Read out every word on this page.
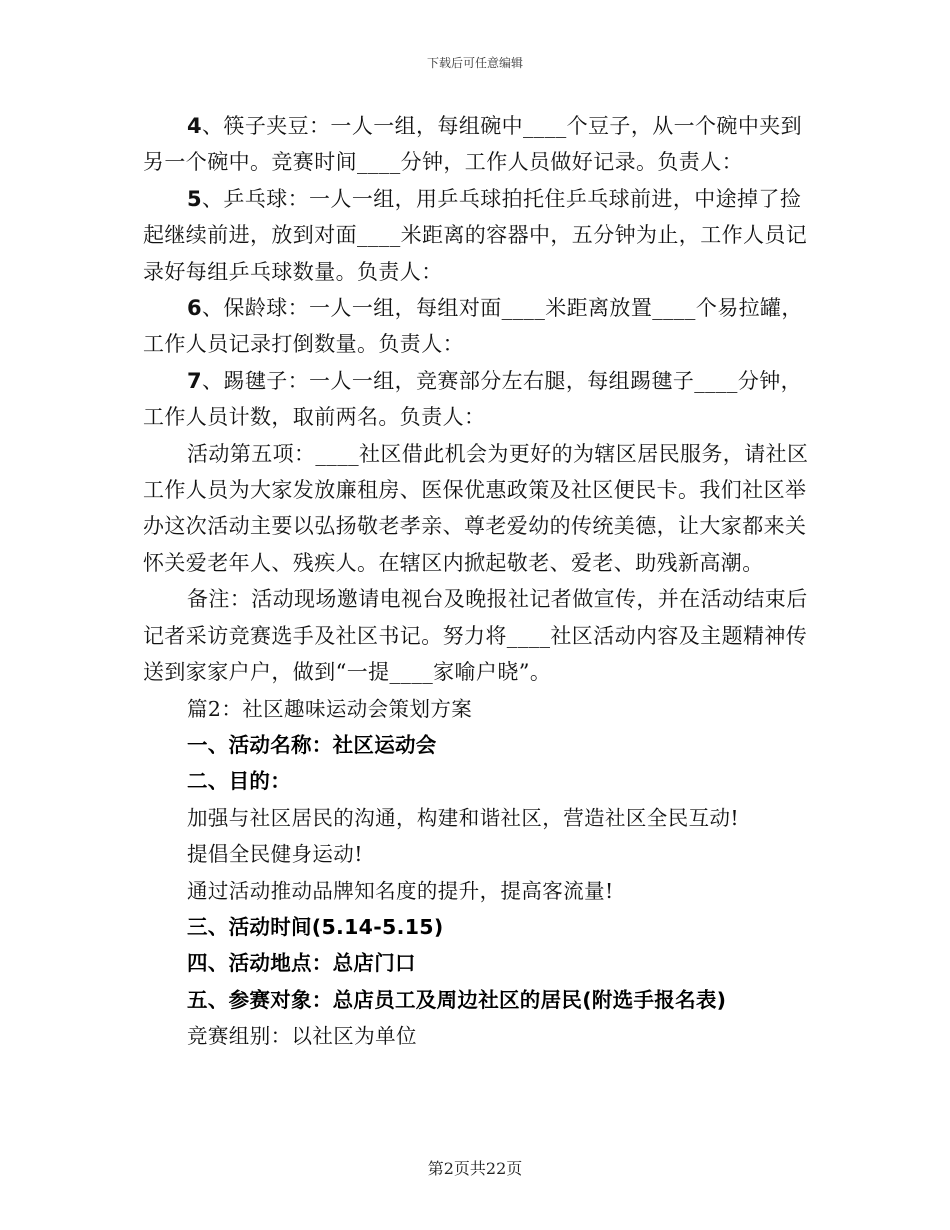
下载后可任意编辑

4、筷子夹豆：一人一组，每组碗中____个豆子，从一个碗中夹到另一个碗中。竞赛时间____分钟，工作人员做好记录。负责人：

5、乒乓球：一人一组，用乒乓球拍托住乒乓球前进，中途掉了捡起继续前进，放到对面____米距离的容器中，五分钟为止，工作人员记录好每组乒乓球数量。负责人：

6、保龄球：一人一组，每组对面____米距离放置____个易拉罐，工作人员记录打倒数量。负责人：

7、踢毽子：一人一组，竞赛部分左右腿，每组踢毽子____分钟，工作人员计数，取前两名。负责人：

活动第五项：____社区借此机会为更好的为辖区居民服务，请社区工作人员为大家发放廉租房、医保优惠政策及社区便民卡。我们社区举办这次活动主要以弘扬敬老孝亲、尊老爱幼的传统美德，让大家都来关怀关爱老年人、残疾人。在辖区内掀起敬老、爱老、助残新高潮。

备注：活动现场邀请电视台及晚报社记者做宣传，并在活动结束后记者采访竞赛选手及社区书记。努力将____社区活动内容及主题精神传送到家家户户，做到“一提____家喻户晓”。

篇2：社区趣味运动会策划方案

一、活动名称：社区运动会

二、目的：

加强与社区居民的沟通，构建和谐社区，营造社区全民互动!

提倡全民健身运动!

通过活动推动品牌知名度的提升，提高客流量!

三、活动时间(5.14-5.15)

四、活动地点：总店门口

五、参赛对象：总店员工及周边社区的居民(附选手报名表)

竞赛组别：以社区为单位

第2页共22页
